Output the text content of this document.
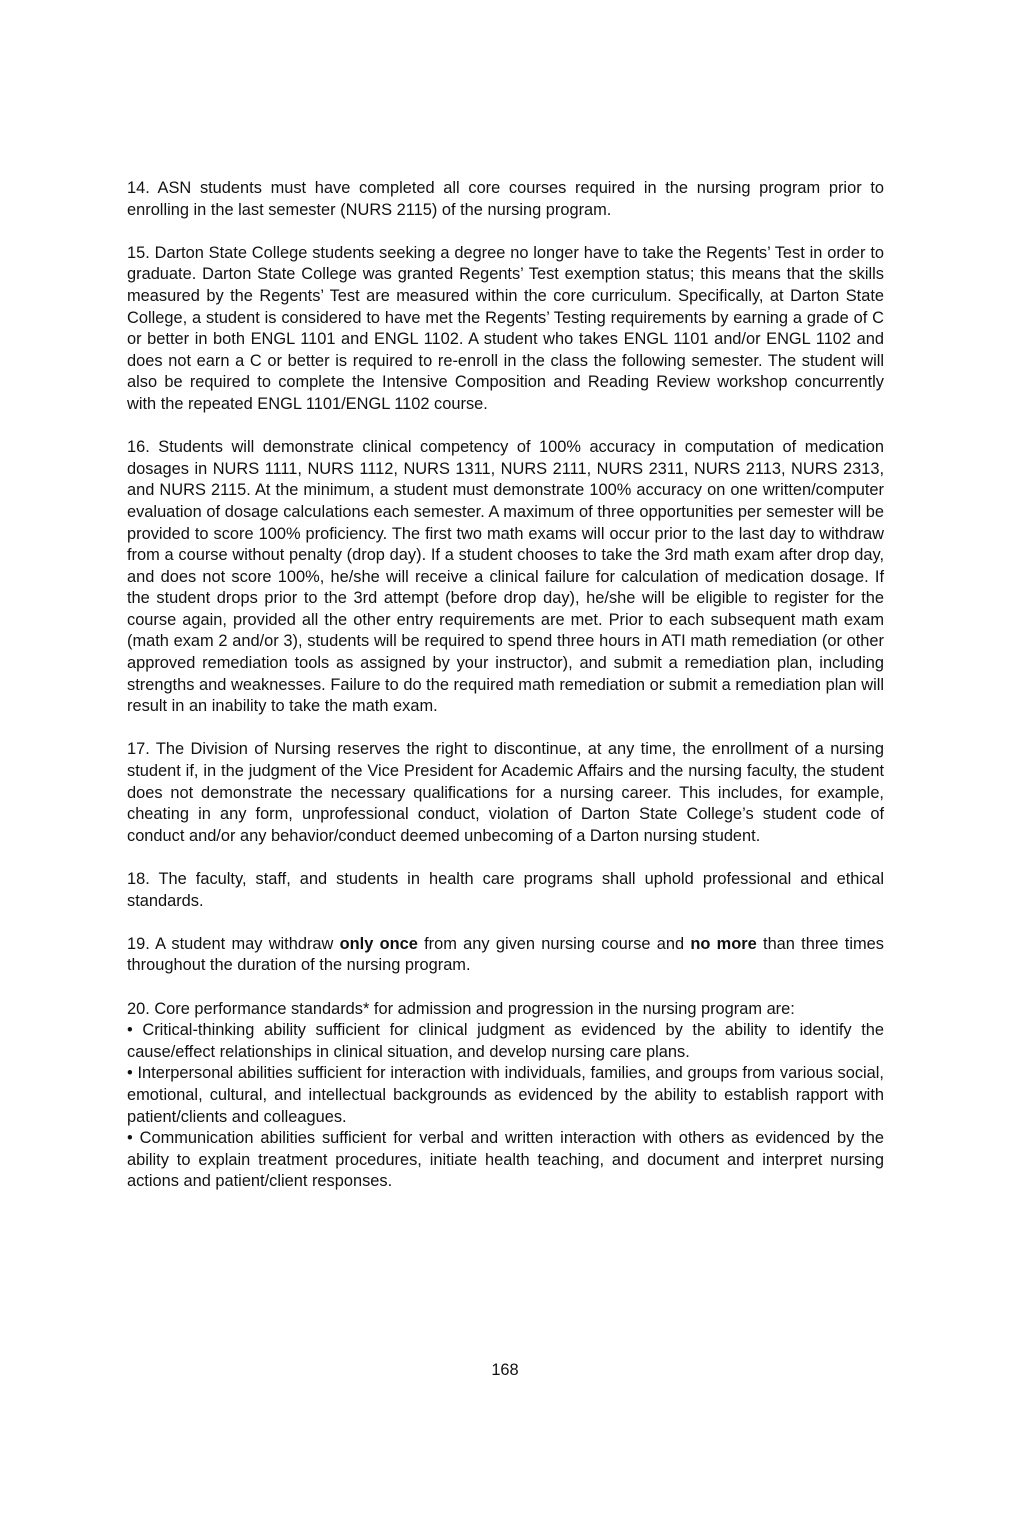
14. ASN students must have completed all core courses required in the nursing program prior to enrolling in the last semester (NURS 2115) of the nursing program.

15. Darton State College students seeking a degree no longer have to take the Regents’ Test in order to graduate. Darton State College was granted Regents’ Test exemption status; this means that the skills measured by the Regents’ Test are measured within the core curriculum. Specifically, at Darton State College, a student is considered to have met the Regents’ Testing requirements by earning a grade of C or better in both ENGL 1101 and ENGL 1102. A student who takes ENGL 1101 and/or ENGL 1102 and does not earn a C or better is required to re-enroll in the class the following semester. The student will also be required to complete the Intensive Composition and Reading Review workshop concurrently with the repeated ENGL 1101/ENGL 1102 course.

16. Students will demonstrate clinical competency of 100% accuracy in computation of medication dosages in NURS 1111, NURS 1112, NURS 1311, NURS 2111, NURS 2311, NURS 2113, NURS 2313, and NURS 2115. At the minimum, a student must demonstrate 100% accuracy on one written/computer evaluation of dosage calculations each semester. A maximum of three opportunities per semester will be provided to score 100% proficiency. The first two math exams will occur prior to the last day to withdraw from a course without penalty (drop day). If a student chooses to take the 3rd math exam after drop day, and does not score 100%, he/she will receive a clinical failure for calculation of medication dosage. If the student drops prior to the 3rd attempt (before drop day), he/she will be eligible to register for the course again, provided all the other entry requirements are met. Prior to each subsequent math exam (math exam 2 and/or 3), students will be required to spend three hours in ATI math remediation (or other approved remediation tools as assigned by your instructor), and submit a remediation plan, including strengths and weaknesses. Failure to do the required math remediation or submit a remediation plan will result in an inability to take the math exam.

17. The Division of Nursing reserves the right to discontinue, at any time, the enrollment of a nursing student if, in the judgment of the Vice President for Academic Affairs and the nursing faculty, the student does not demonstrate the necessary qualifications for a nursing career. This includes, for example, cheating in any form, unprofessional conduct, violation of Darton State College’s student code of conduct and/or any behavior/conduct deemed unbecoming of a Darton nursing student.

18. The faculty, staff, and students in health care programs shall uphold professional and ethical standards.

19. A student may withdraw only once from any given nursing course and no more than three times throughout the duration of the nursing program.

20. Core performance standards* for admission and progression in the nursing program are:

• Critical-thinking ability sufficient for clinical judgment as evidenced by the ability to identify the cause/effect relationships in clinical situation, and develop nursing care plans.

• Interpersonal abilities sufficient for interaction with individuals, families, and groups from various social, emotional, cultural, and intellectual backgrounds as evidenced by the ability to establish rapport with patient/clients and colleagues.

• Communication abilities sufficient for verbal and written interaction with others as evidenced by the ability to explain treatment procedures, initiate health teaching, and document and interpret nursing actions and patient/client responses.

168
